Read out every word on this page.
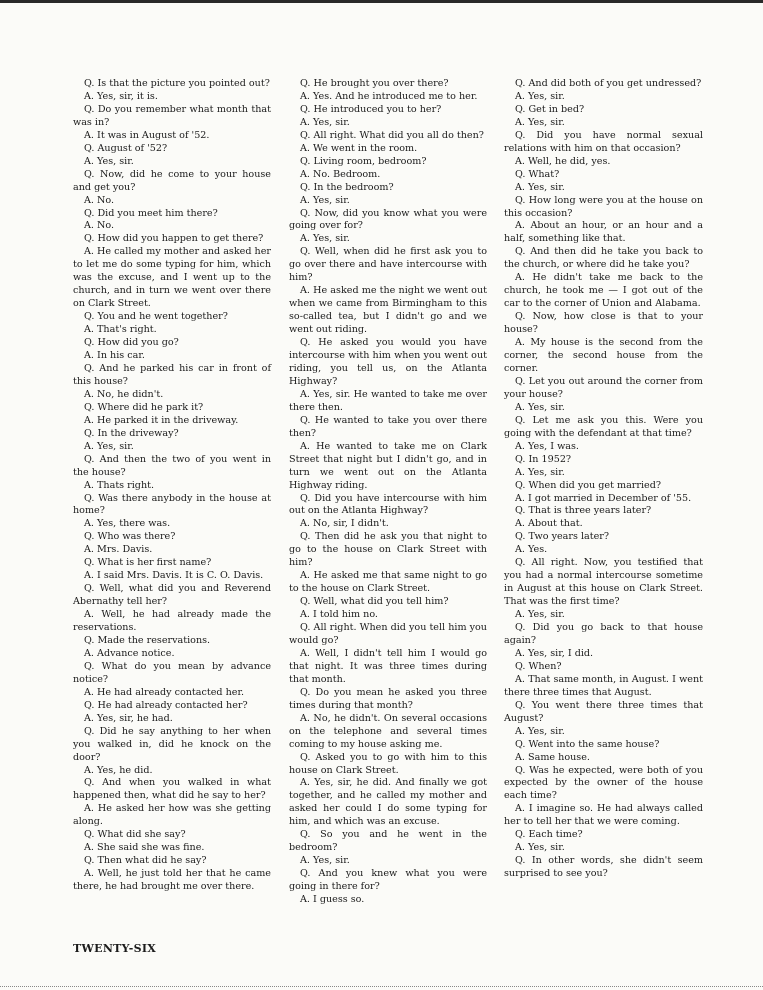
Q. Is that the picture you pointed out?

A. Yes, sir, it is.

Q. Do you remember what month that was in?

A. It was in August of '52.

Q. August of '52?

A. Yes, sir.

Q. Now, did he come to your house and get you?

A. No.

Q. Did you meet him there?

A. No.

Q. How did you happen to get there?

A. He called my mother and asked her to let me do some typing for him, which was the excuse, and I went up to the church, and in turn we went over there on Clark Street.

Q. You and he went together?

A. That's right.

Q. How did you go?

A. In his car.

Q. And he parked his car in front of this house?

A. No, he didn't.

Q. Where did he park it?

A. He parked it in the driveway.

Q. In the driveway?

A. Yes, sir.

Q. And then the two of you went in the house?

A. Thats right.

Q. Was there anybody in the house at home?

A. Yes, there was.

Q. Who was there?

A. Mrs. Davis.

Q. What is her first name?

A. I said Mrs. Davis. It is C. O. Davis.

Q. Well, what did you and Reverend Abernathy tell her?

A. Well, he had already made the reservations.

Q. Made the reservations.

A. Advance notice.

Q. What do you mean by advance notice?

A. He had already contacted her.

Q. He had already contacted her?

A. Yes, sir, he had.

Q. Did he say anything to her when you walked in, did he knock on the door?

A. Yes, he did.

Q. And when you walked in what happened then, what did he say to her?

A. He asked her how was she getting along.

Q. What did she say?

A. She said she was fine.

Q. Then what did he say?

A. Well, he just told her that he came there, he had brought me over there.

Q. He brought you over there?

A. Yes. And he introduced me to her.

Q. He introduced you to her?

A. Yes, sir.

Q. All right. What did you all do then?

A. We went in the room.

Q. Living room, bedroom?

A. No. Bedroom.

Q. In the bedroom?

A. Yes, sir.

Q. Now, did you know what you were going over for?

A. Yes, sir.

Q. Well, when did he first ask you to go over there and have intercourse with him?

A. He asked me the night we went out when we came from Birmingham to this so-called tea, but I didn't go and we went out riding.

Q. He asked you would you have intercourse with him when you went out riding, you tell us, on the Atlanta Highway?

A. Yes, sir. He wanted to take me over there then.

Q. He wanted to take you over there then?

A. He wanted to take me on Clark Street that night but I didn't go, and in turn we went out on the Atlanta Highway riding.

Q. Did you have intercourse with him out on the Atlanta Highway?

A. No, sir, I didn't.

Q. Then did he ask you that night to go to the house on Clark Street with him?

A. He asked me that same night to go to the house on Clark Street.

Q. Well, what did you tell him?

A. I told him no.

Q. All right. When did you tell him you would go?

A. Well, I didn't tell him I would go that night. It was three times during that month.

Q. Do you mean he asked you three times during that month?

A. No, he didn't. On several occasions on the telephone and several times coming to my house asking me.

Q. Asked you to go with him to this house on Clark Street.

A. Yes, sir, he did. And finally we got together, and he called my mother and asked her could I do some typing for him, and which was an excuse.

Q. So you and he went in the bedroom?

A. Yes, sir.

Q. And you knew what you were going in there for?

A. I guess so.

Q. And did both of you get undressed?

A. Yes, sir.

Q. Get in bed?

A. Yes, sir.

Q. Did you have normal sexual relations with him on that occasion?

A. Well, he did, yes.

Q. What?

A. Yes, sir.

Q. How long were you at the house on this occasion?

A. About an hour, or an hour and a half, something like that.

Q. And then did he take you back to the church, or where did he take you?

A. He didn't take me back to the church, he took me — I got out of the car to the corner of Union and Alabama.

Q. Now, how close is that to your house?

A. My house is the second from the corner, the second house from the corner.

Q. Let you out around the corner from your house?

A. Yes, sir.

Q. Let me ask you this. Were you going with the defendant at that time?

A. Yes, I was.

Q. In 1952?

A. Yes, sir.

Q. When did you get married?

A. I got married in December of '55.

Q. That is three years later?

A. About that.

Q. Two years later?

A. Yes.

Q. All right. Now, you testified that you had a normal intercourse sometime in August at this house on Clark Street. That was the first time?

A. Yes, sir.

Q. Did you go back to that house again?

A. Yes, sir, I did.

Q. When?

A. That same month, in August. I went there three times that August.

Q. You went there three times that August?

A. Yes, sir.

Q. Went into the same house?

A. Same house.

Q. Was he expected, were both of you expected by the owner of the house each time?

A. I imagine so. He had always called her to tell her that we were coming.

Q. Each time?

A. Yes, sir.

Q. In other words, she didn't seem surprised to see you?

TWENTY-SIX
